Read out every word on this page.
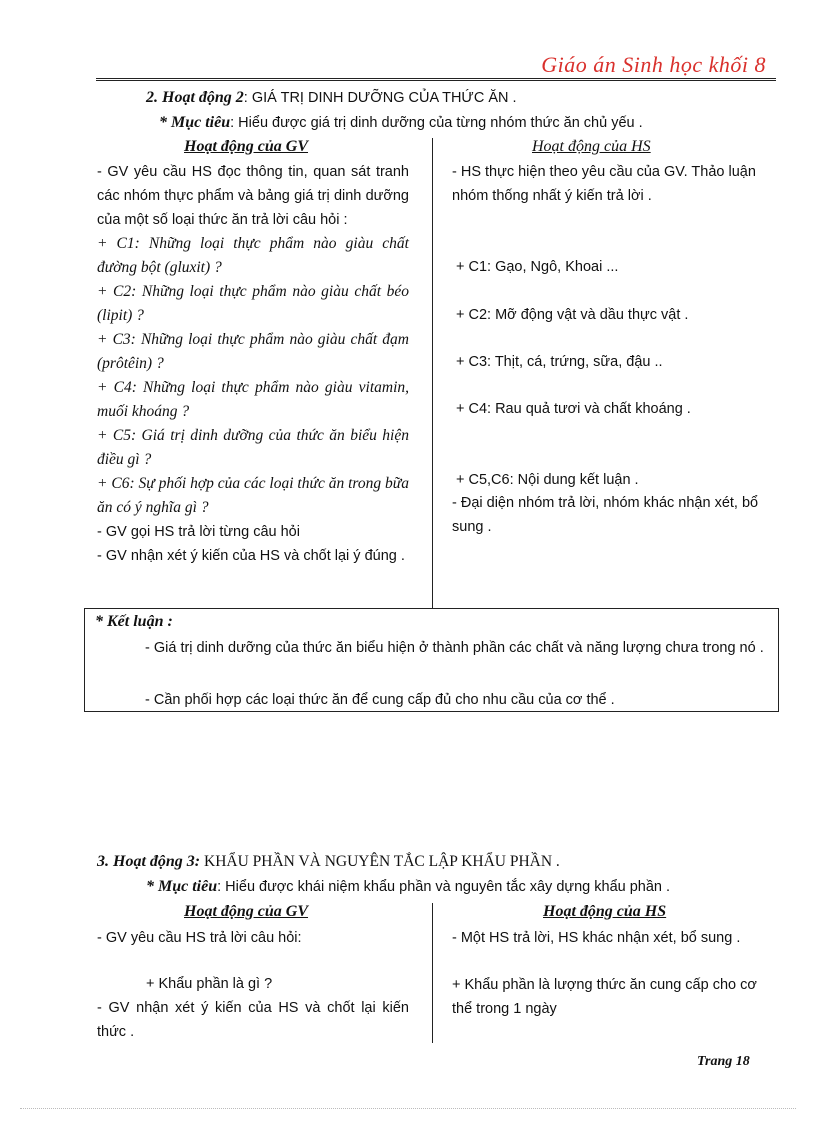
Giáo án Sinh học khối 8
2. Hoạt động 2: GIÁ TRỊ DINH DƯỠNG CỦA THỨC ĂN .
* Mục tiêu: Hiểu được giá trị dinh dưỡng của từng nhóm thức ăn chủ yếu .
Hoạt động của GV	Hoạt động của HS

- GV yêu cầu HS đọc thông tin, quan sát tranh các nhóm thực phẩm và bảng giá trị dinh dưỡng của một số loại thức ăn trả lời câu hỏi :

+ C1: Những loại thực phẩm nào giàu chất đường bột (gluxit) ?

+ C2: Những loại thực phẩm nào giàu chất béo (lipit) ?

+ C3: Những loại thực phẩm nào giàu chất đạm (prôtêin) ?

+ C4: Những loại thực phẩm nào giàu vitamin, muối khoáng ?

+ C5: Giá trị dinh dưỡng của thức ăn biểu hiện điều gì ?

+ C6: Sự phối hợp của các loại thức ăn trong bữa ăn có ý nghĩa gì ?

- GV gọi HS trả lời từng câu hỏi

- GV nhận xét ý kiến của HS và chốt lại ý đúng .

- HS thực hiện theo yêu cầu của GV. Thảo luận nhóm thống nhất ý kiến trả lời .

+ C1: Gạo, Ngô, Khoai ...
+ C2: Mỡ động vật và dầu thực vật .
+ C3: Thịt, cá, trứng, sữa, đậu ..
+ C4: Rau quả tươi và chất khoáng .
+ C5,C6: Nội dung kết luận .
- Đại diện nhóm trả lời, nhóm khác nhận xét, bổ sung .
* Kết luận :
- Giá trị dinh dưỡng của thức ăn biểu hiện ở thành phần các chất và năng lượng chưa trong nó .
- Cần phối hợp các loại thức ăn để cung cấp đủ cho nhu cầu của cơ thể .
3. Hoạt động 3: KHẨU PHẦN VÀ NGUYÊN TẮC LẬP KHẨU PHẦN .
* Mục tiêu: Hiểu được khái niệm khẩu phần và nguyên tắc xây dựng khẩu phần .
Hoạt động của GV	Hoạt động của HS
- GV yêu cầu HS trả lời câu hỏi:
+ Khẩu phần là gì ?
- GV nhận xét ý kiến của HS và chốt lại kiến thức .
- Một HS trả lời, HS khác nhận xét, bổ sung .
+ Khẩu phần là lượng thức ăn cung cấp cho cơ thể trong 1 ngày
Trang 18
